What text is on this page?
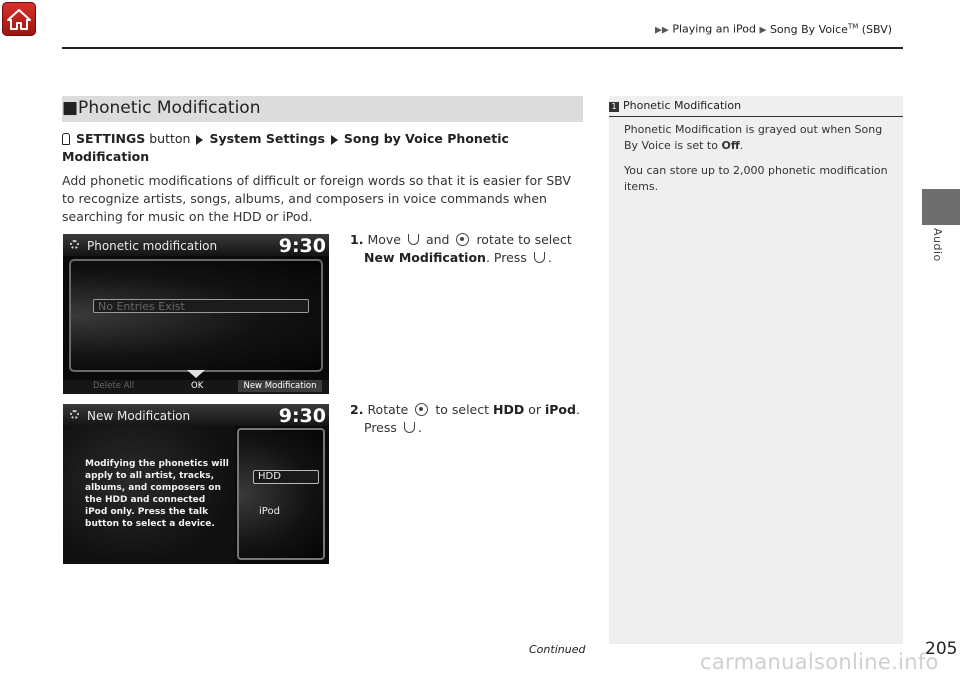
▶▶ Playing an iPod ▶ Song By Voice™ (SBV)
Audio
■Phonetic Modification
SETTINGS button System Settings Song by Voice Phonetic Modification
Add phonetic modifications of difficult or foreign words so that it is easier for SBV to recognize artists, songs, albums, and composers in voice commands when searching for music on the HDD or iPod.
Phonetic modification	9:30
No Entries Exist
Delete All	OK	New Modification
1. Move and rotate to select
New Modification. Press .
New Modification	9:30
Modifying the phonetics will apply to all artist, tracks, albums, and composers on the HDD and connected iPod only. Press the talk button to select a device.
HDD
iPod
2. Rotate to select HDD or iPod.
Press .
1 Phonetic Modification
Phonetic Modification is grayed out when Song By Voice is set to Off.
You can store up to 2,000 phonetic modification items.
Continued	205
carmanualsonline.info
